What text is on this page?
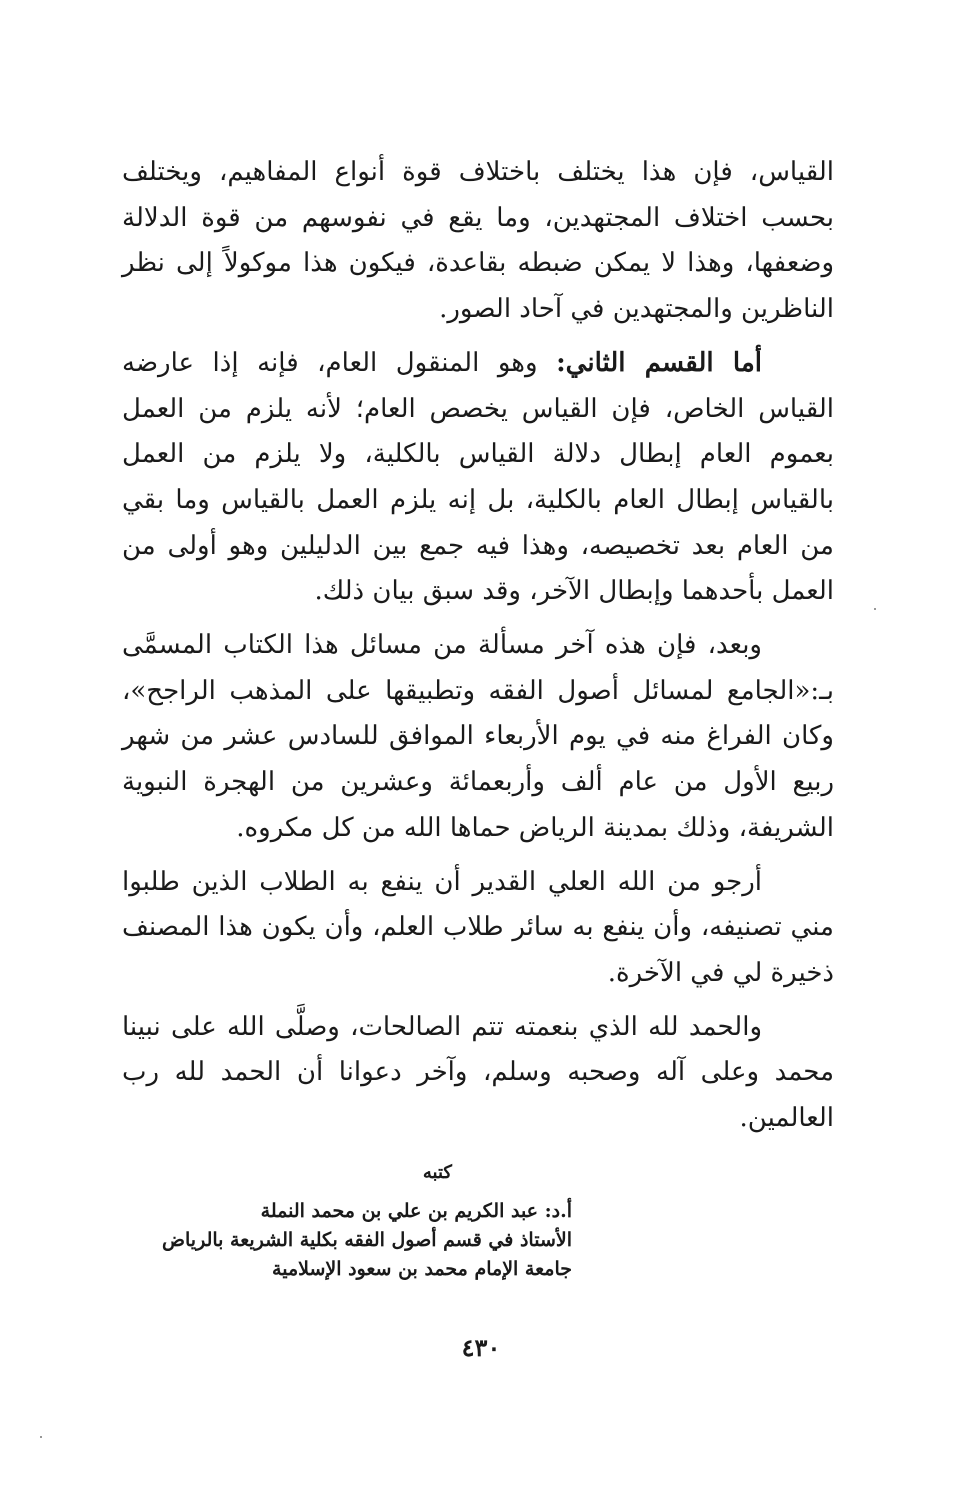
القياس، فإن هذا يختلف باختلاف قوة أنواع المفاهيم، ويختلف بحسب اختلاف المجتهدين، وما يقع في نفوسهم من قوة الدلالة وضعفها، وهذا لا يمكن ضبطه بقاعدة، فيكون هذا موكولاً إلى نظر الناظرين والمجتهدين في آحاد الصور.

أما القسم الثاني: وهو المنقول العام، فإنه إذا عارضه القياس الخاص، فإن القياس يخصص العام؛ لأنه يلزم من العمل بعموم العام إبطال دلالة القياس بالكلية، ولا يلزم من العمل بالقياس إبطال العام بالكلية، بل إنه يلزم العمل بالقياس وما بقي من العام بعد تخصيصه، وهذا فيه جمع بين الدليلين وهو أولى من العمل بأحدهما وإبطال الآخر، وقد سبق بيان ذلك.

وبعد، فإن هذه آخر مسألة من مسائل هذا الكتاب المسمَّى بـ:«الجامع لمسائل أصول الفقه وتطبيقها على المذهب الراجح»، وكان الفراغ منه في يوم الأربعاء الموافق للسادس عشر من شهر ربيع الأول من عام ألف وأربعمائة وعشرين من الهجرة النبوية الشريفة، وذلك بمدينة الرياض حماها الله من كل مكروه.

أرجو من الله العلي القدير أن ينفع به الطلاب الذين طلبوا مني تصنيفه، وأن ينفع به سائر طلاب العلم، وأن يكون هذا المصنف ذخيرة لي في الآخرة.

والحمد لله الذي بنعمته تتم الصالحات، وصلَّى الله على نبينا محمد وعلى آله وصحبه وسلم، وآخر دعوانا أن الحمد لله رب العالمين.

كتبه
أ.د: عبد الكريم بن علي بن محمد النملة
الأستاذ في قسم أصول الفقه بكلية الشريعة بالرياض
جامعة الإمام محمد بن سعود الإسلامية
٤٣٠
